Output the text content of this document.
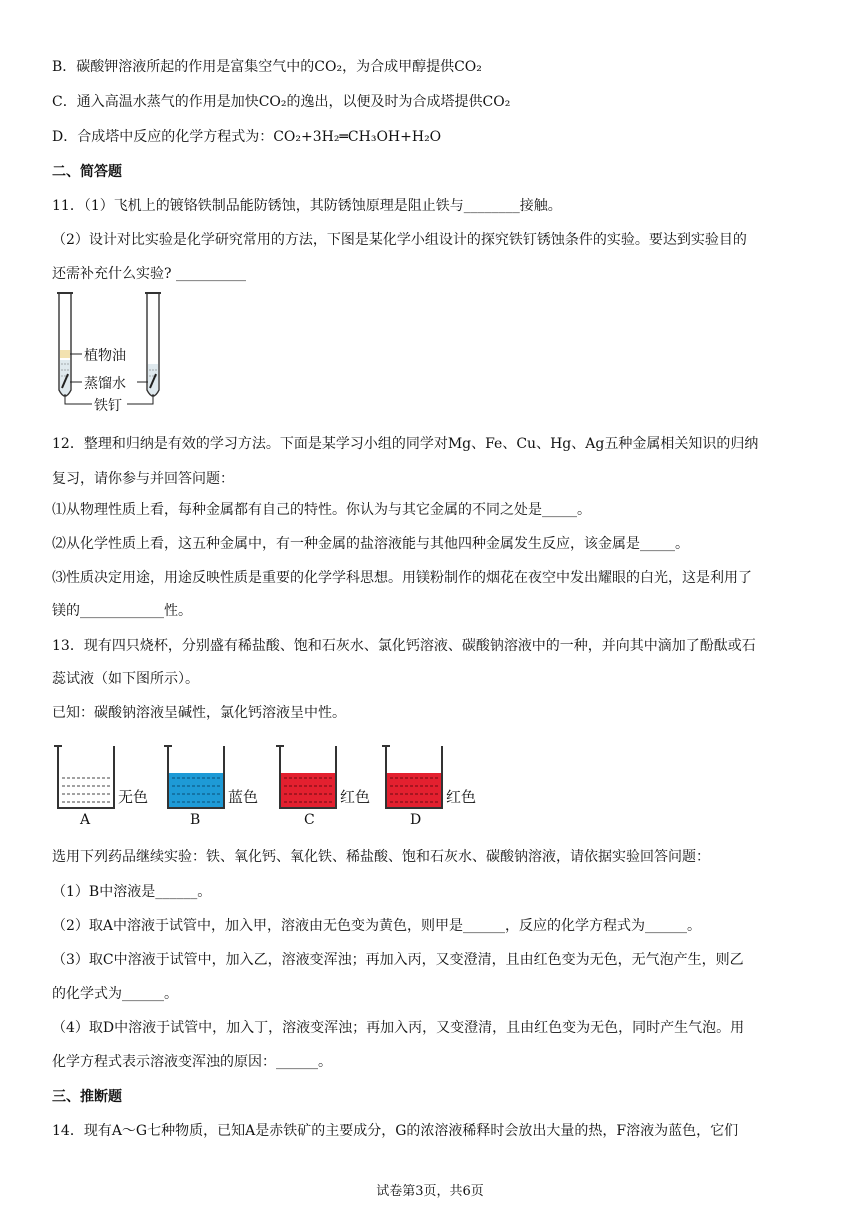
B．碳酸钾溶液所起的作用是富集空气中的CO₂，为合成甲醇提供CO₂
C．通入高温水蒸气的作用是加快CO₂的逸出，以便及时为合成塔提供CO₂
D．合成塔中反应的化学方程式为：CO₂+3H₂═CH₃OH+H₂O
二、简答题
11．（1）飞机上的镀铬铁制品能防锈蚀，其防锈蚀原理是阻止铁与________接触。
（2）设计对比实验是化学研究常用的方法，下图是某化学小组设计的探究铁钉锈蚀条件的实验。要达到实验目的
还需补充什么实验? __________
植物油
蒸馏水
铁钉
12．整理和归纳是有效的学习方法。下面是某学习小组的同学对Mg、Fe、Cu、Hg、Ag五种金属相关知识的归纳
复习，请你参与并回答问题：
⑴从物理性质上看，每种金属都有自己的特性。你认为与其它金属的不同之处是_____。
⑵从化学性质上看，这五种金属中，有一种金属的盐溶液能与其他四种金属发生反应，该金属是_____。
⑶性质决定用途，用途反映性质是重要的化学学科思想。用镁粉制作的烟花在夜空中发出耀眼的白光，这是利用了
镁的____________性。
13．现有四只烧杯，分别盛有稀盐酸、饱和石灰水、氯化钙溶液、碳酸钠溶液中的一种，并向其中滴加了酚酞或石
蕊试液（如下图所示）。
已知：碳酸钠溶液呈碱性，氯化钙溶液呈中性。
无色
A
蓝色
B
红色
C
红色
D
选用下列药品继续实验：铁、氧化钙、氧化铁、稀盐酸、饱和石灰水、碳酸钠溶液，请依据实验回答问题：
（1）B中溶液是______。
（2）取A中溶液于试管中，加入甲，溶液由无色变为黄色，则甲是______，反应的化学方程式为______。
（3）取C中溶液于试管中，加入乙，溶液变浑浊；再加入丙，又变澄清，且由红色变为无色，无气泡产生，则乙
的化学式为______。
（4）取D中溶液于试管中，加入丁，溶液变浑浊；再加入丙，又变澄清，且由红色变为无色，同时产生气泡。用
化学方程式表示溶液变浑浊的原因：______。
三、推断题
14．现有A～G七种物质，已知A是赤铁矿的主要成分，G的浓溶液稀释时会放出大量的热，F溶液为蓝色，它们
试卷第3页，共6页
